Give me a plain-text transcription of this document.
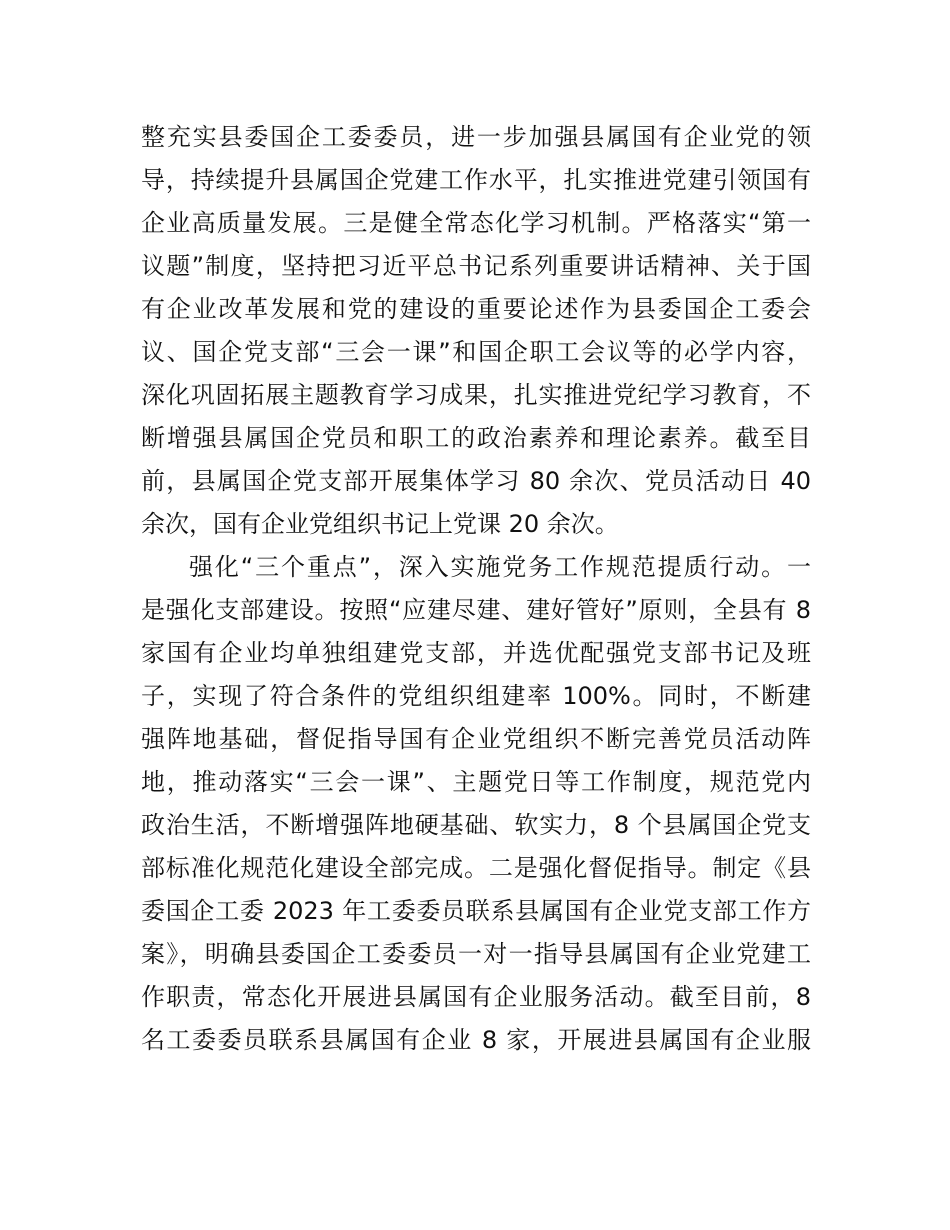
整充实县委国企工委委员，进一步加强县属国有企业党的领
导，持续提升县属国企党建工作水平，扎实推进党建引领国有
企业高质量发展。三是健全常态化学习机制。严格落实“第一
议题”制度，坚持把习近平总书记系列重要讲话精神、关于国
有企业改革发展和党的建设的重要论述作为县委国企工委会
议、国企党支部“三会一课”和国企职工会议等的必学内容，
深化巩固拓展主题教育学习成果，扎实推进党纪学习教育，不
断增强县属国企党员和职工的政治素养和理论素养。截至目
前，县属国企党支部开展集体学习 80 余次、党员活动日 40
余次，国有企业党组织书记上党课 20 余次。
强化“三个重点”，深入实施党务工作规范提质行动。一
是强化支部建设。按照“应建尽建、建好管好”原则，全县有 8
家国有企业均单独组建党支部，并选优配强党支部书记及班
子，实现了符合条件的党组织组建率 100%。同时，不断建
强阵地基础，督促指导国有企业党组织不断完善党员活动阵
地，推动落实“三会一课”、主题党日等工作制度，规范党内
政治生活，不断增强阵地硬基础、软实力，8 个县属国企党支
部标准化规范化建设全部完成。二是强化督促指导。制定《县
委国企工委 2023 年工委委员联系县属国有企业党支部工作方
案》，明确县委国企工委委员一对一指导县属国有企业党建工
作职责，常态化开展进县属国有企业服务活动。截至目前，8
名工委委员联系县属国有企业 8 家，开展进县属国有企业服
